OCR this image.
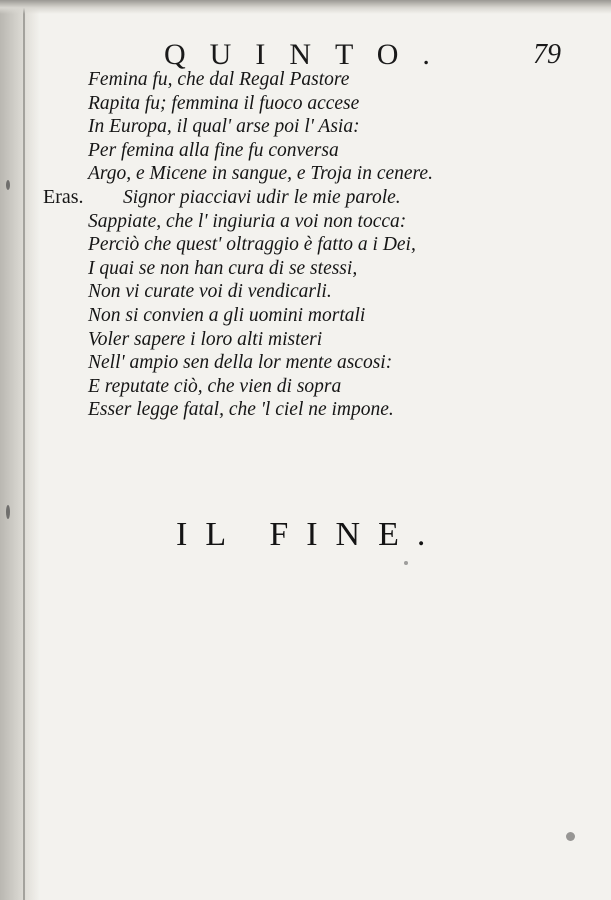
QUINTO.	79
Femina fu, che dal Regal Pastore
Rapita fu; femmina il fuoco accese
In Europa, il qual' arse poi l' Asia:
Per femina alla fine fu conversa
Argo, e Micene in sangue, e Troja in cenere.
Eras. Signor piacciavi udir le mie parole.
Sappiate, che l' ingiuria a voi non tocca:
Perciò che quest' oltraggio è fatto a i Dei,
I quai se non han cura di se stessi,
Non vi curate voi di vendicarli.
Non si convien a gli uomini mortali
Voler sapere i loro alti misteri
Nell' ampio sen della lor mente ascosi:
E reputate ciò, che vien di sopra
Esser legge fatal, che 'l ciel ne impone.
IL FINE.
